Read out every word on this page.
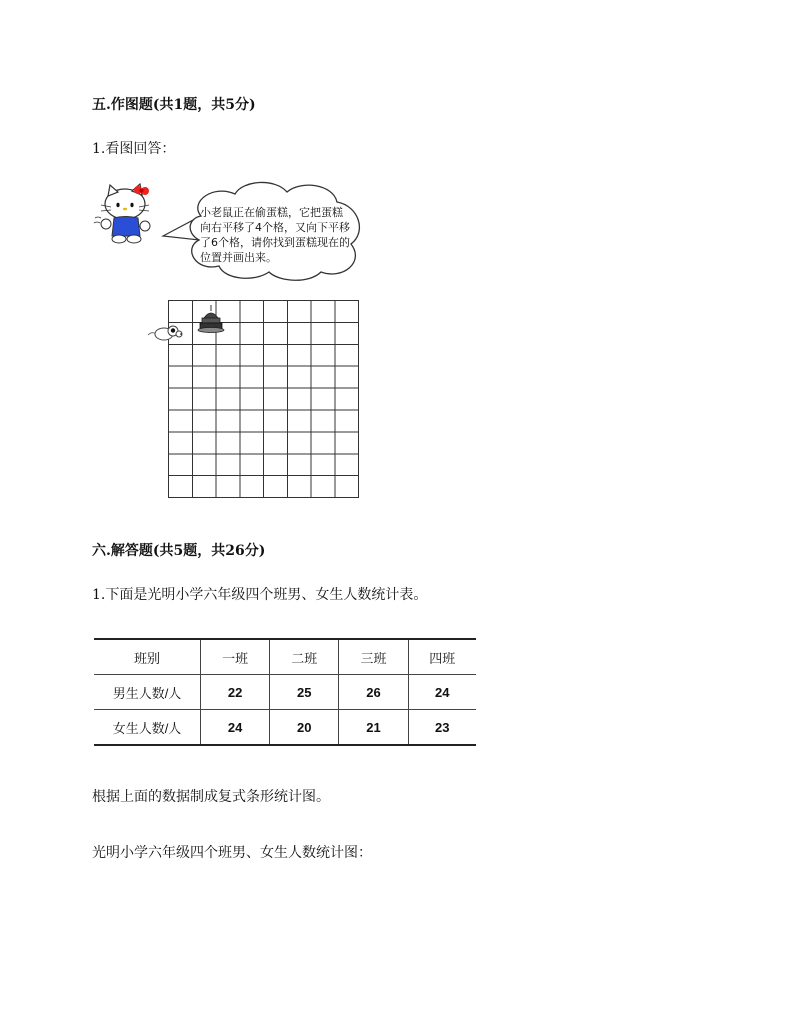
五.作图题(共1题，共5分)
1.看图回答：
小老鼠正在偷蛋糕，它把蛋糕向右平移了4个格，又向下平移了6个格，请你找到蛋糕现在的位置并画出来。
六.解答题(共5题，共26分)
1.下面是光明小学六年级四个班男、女生人数统计表。
班别	一班	二班	三班	四班
男生人数/人	22	25	26	24
女生人数/人	24	20	21	23
根据上面的数据制成复式条形统计图。
光明小学六年级四个班男、女生人数统计图：
